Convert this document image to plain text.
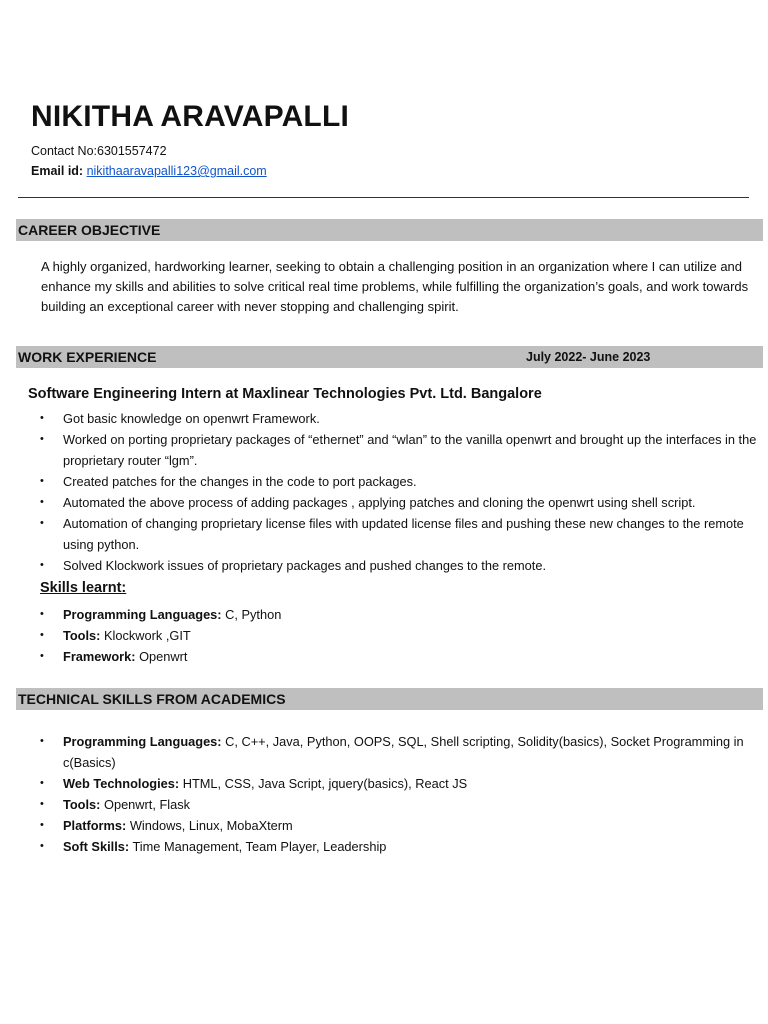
NIKITHA ARAVAPALLI
Contact No:6301557472
Email id: nikithaaravapalli123@gmail.com
CAREER OBJECTIVE
A highly organized, hardworking learner, seeking to obtain a challenging position in an organization where I can utilize and enhance my skills and abilities to solve critical real time problems, while fulfilling the organization’s goals, and work towards building an exceptional career with never stopping and challenging spirit.
WORK EXPERIENCE	July 2022- June 2023
Software Engineering Intern at Maxlinear Technologies Pvt. Ltd. Bangalore
• Got basic knowledge on openwrt Framework.
• Worked on porting proprietary packages of “ethernet” and “wlan” to the vanilla openwrt and brought up the interfaces in the proprietary router “lgm”.
• Created patches for the changes in the code to port packages.
• Automated the above process of adding packages , applying patches and cloning the openwrt using shell script.
• Automation of changing proprietary license files with updated license files and pushing these new changes to the remote using python.
• Solved Klockwork issues of proprietary packages and pushed changes to the remote.
Skills learnt:
• Programming Languages: C, Python
• Tools: Klockwork ,GIT
• Framework: Openwrt
TECHNICAL SKILLS FROM ACADEMICS
• Programming Languages: C, C++, Java, Python, OOPS, SQL, Shell scripting, Solidity(basics), Socket Programming in c(Basics)
• Web Technologies: HTML, CSS, Java Script, jquery(basics), React JS
• Tools: Openwrt, Flask
• Platforms: Windows, Linux, MobaXterm
• Soft Skills: Time Management, Team Player, Leadership
